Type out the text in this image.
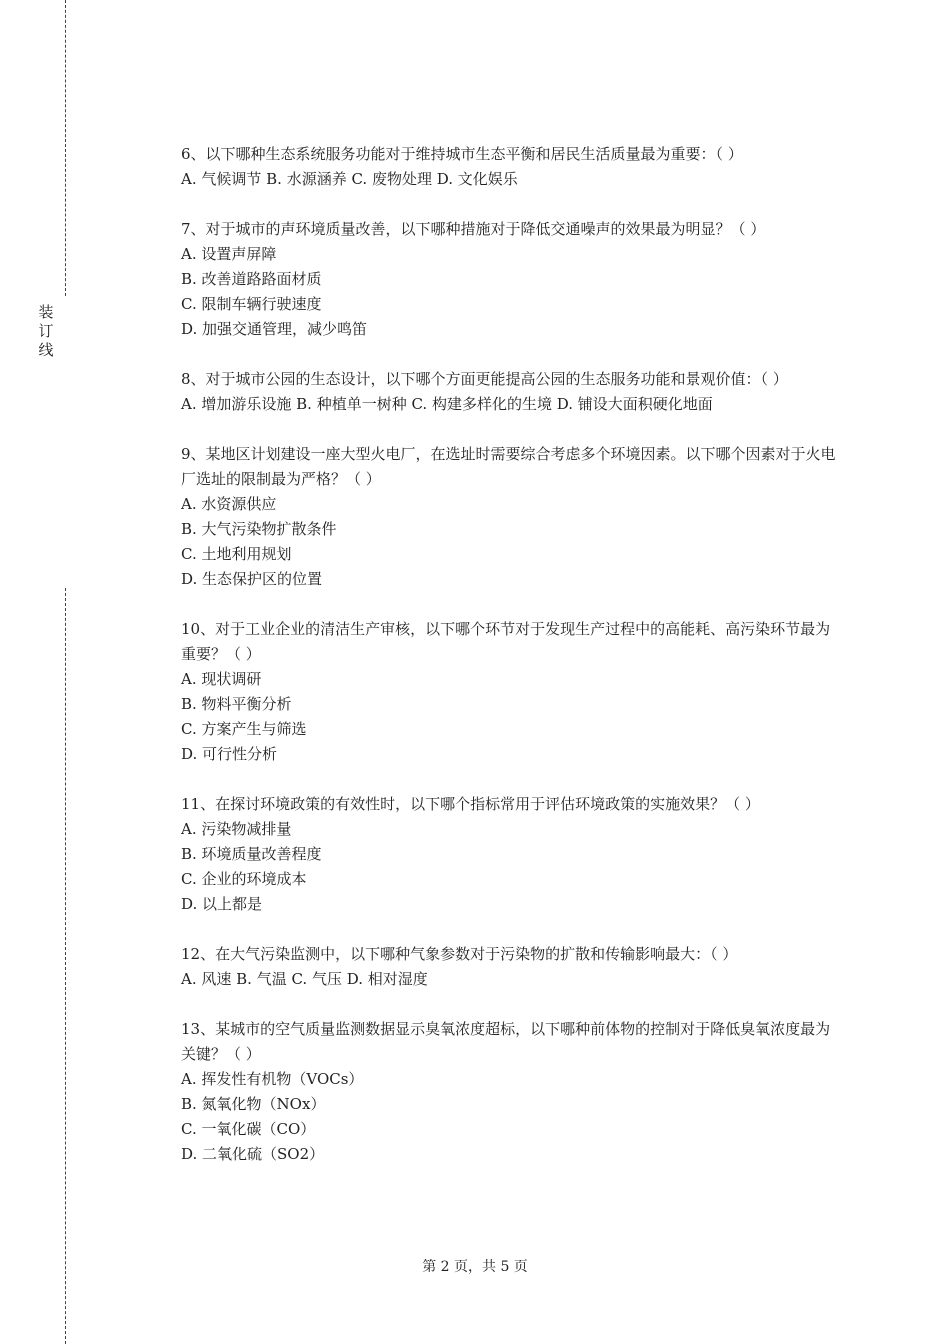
装
订
线
6、以下哪种生态系统服务功能对于维持城市生态平衡和居民生活质量最为重要：（ ）
A. 气候调节 B. 水源涵养 C. 废物处理 D. 文化娱乐
7、对于城市的声环境质量改善，以下哪种措施对于降低交通噪声的效果最为明显？（ ）
A. 设置声屏障
B. 改善道路路面材质
C. 限制车辆行驶速度
D. 加强交通管理，减少鸣笛
8、对于城市公园的生态设计，以下哪个方面更能提高公园的生态服务功能和景观价值：（ ）
A. 增加游乐设施 B. 种植单一树种 C. 构建多样化的生境 D. 铺设大面积硬化地面
9、某地区计划建设一座大型火电厂，在选址时需要综合考虑多个环境因素。以下哪个因素对于火电厂选址的限制最为严格？（ ）
A. 水资源供应
B. 大气污染物扩散条件
C. 土地利用规划
D. 生态保护区的位置
10、对于工业企业的清洁生产审核，以下哪个环节对于发现生产过程中的高能耗、高污染环节最为重要？（ ）
A. 现状调研
B. 物料平衡分析
C. 方案产生与筛选
D. 可行性分析
11、在探讨环境政策的有效性时，以下哪个指标常用于评估环境政策的实施效果？（ ）
A. 污染物减排量
B. 环境质量改善程度
C. 企业的环境成本
D. 以上都是
12、在大气污染监测中，以下哪种气象参数对于污染物的扩散和传输影响最大：（ ）
A. 风速 B. 气温 C. 气压 D. 相对湿度
13、某城市的空气质量监测数据显示臭氧浓度超标，以下哪种前体物的控制对于降低臭氧浓度最为关键？（ ）
A. 挥发性有机物（VOCs）
B. 氮氧化物（NOx）
C. 一氧化碳（CO）
D. 二氧化硫（SO2）
第 2 页，共 5 页
